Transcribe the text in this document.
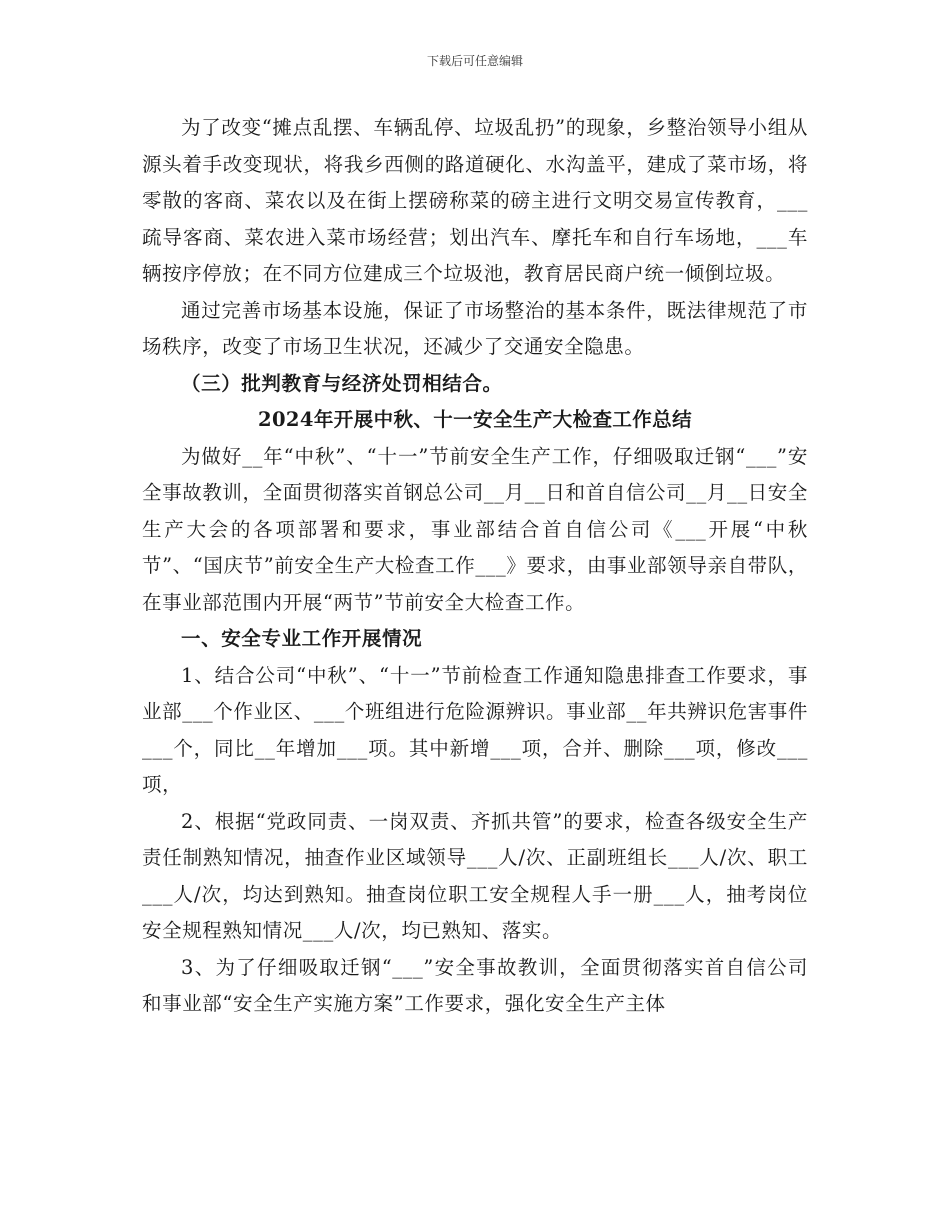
下载后可任意编辑

为了改变“摊点乱摆、车辆乱停、垃圾乱扔”的现象，乡整治领导小组从源头着手改变现状，将我乡西侧的路道硬化、水沟盖平，建成了菜市场，将零散的客商、菜农以及在街上摆磅称菜的磅主进行文明交易宣传教育，___疏导客商、菜农进入菜市场经营；划出汽车、摩托车和自行车场地，___车辆按序停放；在不同方位建成三个垃圾池，教育居民商户统一倾倒垃圾。

通过完善市场基本设施，保证了市场整治的基本条件，既法律规范了市场秩序，改变了市场卫生状况，还减少了交通安全隐患。

（三）批判教育与经济处罚相结合。

2024年开展中秋、十一安全生产大检查工作总结

为做好__年“中秋”、“十一”节前安全生产工作，仔细吸取迁钢“___”安全事故教训，全面贯彻落实首钢总公司__月__日和首自信公司__月__日安全生产大会的各项部署和要求，事业部结合首自信公司《___开展“中秋节”、“国庆节”前安全生产大检查工作___》要求，由事业部领导亲自带队，在事业部范围内开展“两节”节前安全大检查工作。

一、安全专业工作开展情况

1、结合公司“中秋”、“十一”节前检查工作通知隐患排查工作要求，事业部___个作业区、___个班组进行危险源辨识。事业部__年共辨识危害事件___个，同比__年增加___项。其中新增___项，合并、删除___项，修改___项，

2、根据“党政同责、一岗双责、齐抓共管”的要求，检查各级安全生产责任制熟知情况，抽查作业区域领导___人/次、正副班组长___人/次、职工___人/次，均达到熟知。抽查岗位职工安全规程人手一册___人，抽考岗位安全规程熟知情况___人/次，均已熟知、落实。

3、为了仔细吸取迁钢“___”安全事故教训，全面贯彻落实首自信公司和事业部“安全生产实施方案”工作要求，强化安全生产主体
